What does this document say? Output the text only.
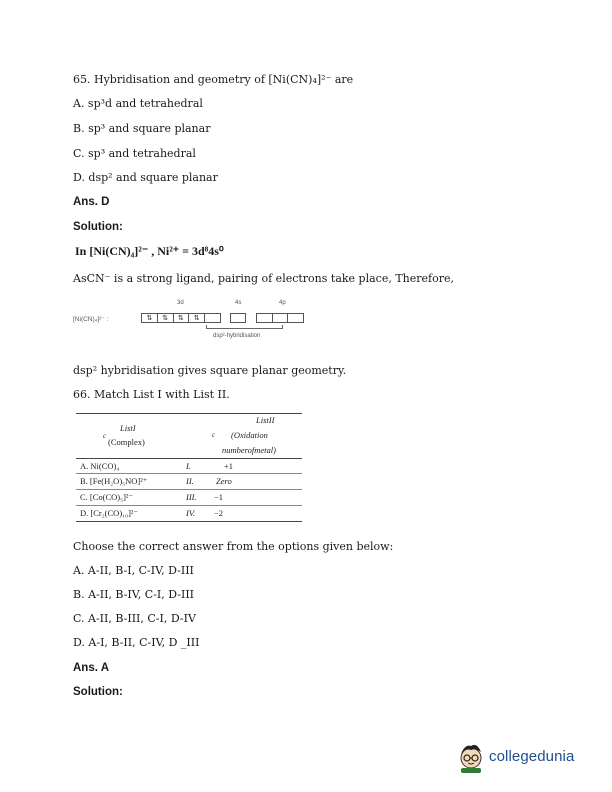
65. Hybridisation and geometry of [Ni(CN)₄]²⁻ are
A. sp³d and tetrahedral
B. sp³ and square planar
C. sp³ and tetrahedral
D. dsp² and square planar
Ans. D
Solution:
In [Ni(CN)₄]²⁻ , Ni²⁺ = 3d⁸4s⁰
AsCN⁻ is a strong ligand, pairing of electrons take place, Therefore,
[Ni(CN)₄]²⁻ :
3d	4s	4p
⇅	⇅	⇅	⇅
dsp²-hybridisation
dsp² hybridisation gives square planar geometry.
66. Match List I with List II.
ListI
c
(Complex)
ListII
c (Oxidation
numberofmetal)
A. Ni(CO)₄	I.	+1
B. [Fe(H₂O)₅NO]²⁺	II.	Zero
C. [Co(CO)₅]²⁻	III. −1
D. [Cr₂(CO)₁₀]²⁻	IV. −2
Choose the correct answer from the options given below:
A. A-II, B-I, C-IV, D-III
B. A-II, B-IV, C-I, D-III
C. A-II, B-III, C-I, D-IV
D. A-I, B-II, C-IV, D _III
Ans. A
Solution:
collegedunia
